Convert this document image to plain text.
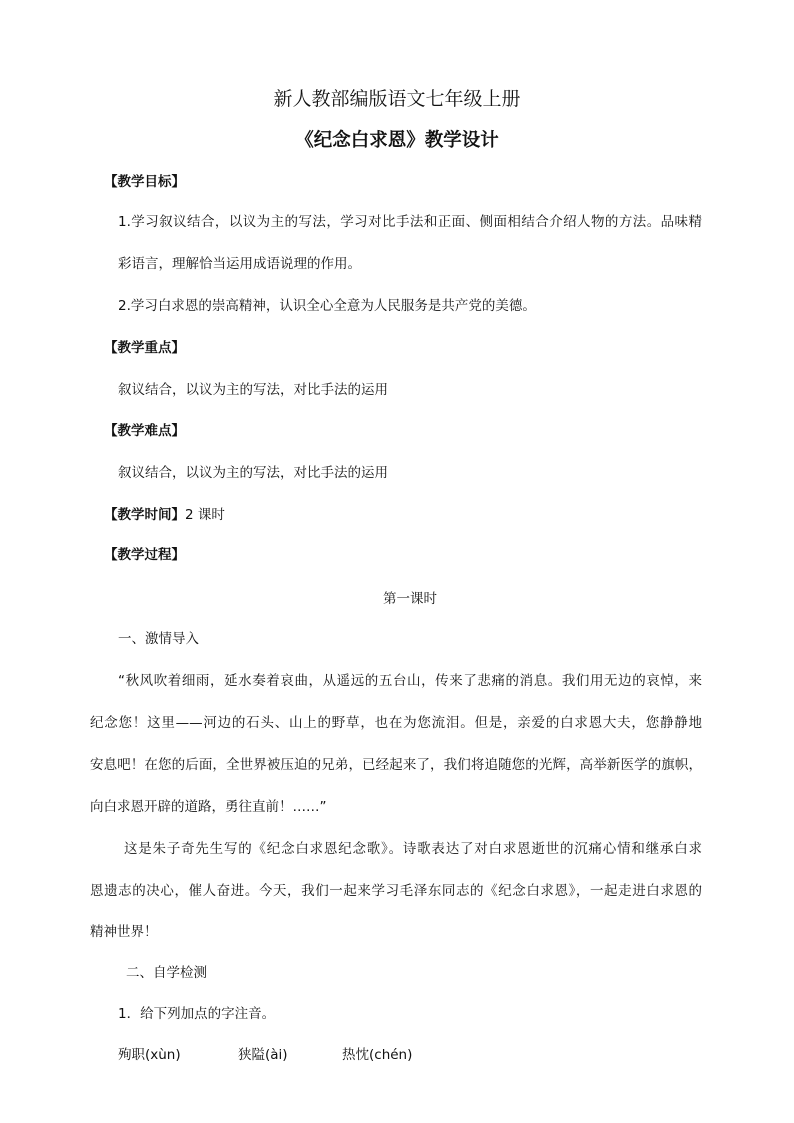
新人教部编版语文七年级上册
《纪念白求恩》教学设计
【教学目标】
1.学习叙议结合，以议为主的写法，学习对比手法和正面、侧面相结合介绍人物的方法。品味精
彩语言，理解恰当运用成语说理的作用。
2.学习白求恩的崇高精神，认识全心全意为人民服务是共产党的美德。
【教学重点】
叙议结合，以议为主的写法，对比手法的运用
【教学难点】
叙议结合，以议为主的写法，对比手法的运用
【教学时间】2 课时
【教学过程】
第一课时
一、激情导入
“秋风吹着细雨，延水奏着哀曲，从遥远的五台山，传来了悲痛的消息。我们用无边的哀悼，来
纪念您！这里——河边的石头、山上的野草，也在为您流泪。但是，亲爱的白求恩大夫，您静静地
安息吧！在您的后面，全世界被压迫的兄弟，已经起来了，我们将追随您的光辉，高举新医学的旗帜，
向白求恩开辟的道路，勇往直前！……”
这是朱子奇先生写的《纪念白求恩纪念歌》。诗歌表达了对白求恩逝世的沉痛心情和继承白求
恩遗志的决心，催人奋进。今天，我们一起来学习毛泽东同志的《纪念白求恩》，一起走进白求恩的
精神世界！
二、自学检测
1．给下列加点的字注音。
殉职(xùn)	狭隘(ài)	热忱(chén)
